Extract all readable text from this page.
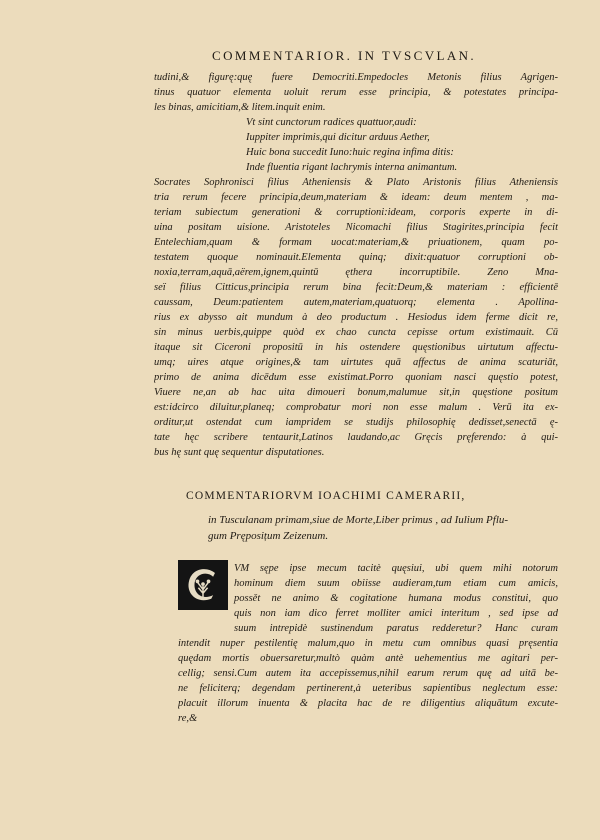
COMMENTARIOR. IN TVSCVLAN.
tudini,& figurę:quę fuere Democriti.Empedocles Metonis filius Agrigen-
tinus quatuor elementa uoluit rerum esse principia, & potestates principa-
les binas, amicitiam,& litem.inquit enim.
Vt sint cunctorum radices quattuor,audi:
Iuppiter imprimis,qui dicitur arduus Aether,
Huic bona succedit Iuno:huic regina infima ditis:
Inde fluentia rigant lachrymis interna animantum.
Socrates Sophronisci filius Atheniensis & Plato Aristonis filius Atheniensis
tria rerum fecere principia,deum,materiam & ideam: deum mentem , ma-
teriam subiectum generationi & corruptioni:ideam, corporis experte in di-
uina positam uisione. Aristoteles Nicomachi filius Stagirites,principia fecit
Entelechiam,quam & formam uocat:materiam,& priuationem, quam po-
testatem quoque nominauit.Elementa quinq; dixit:quatuor corruptioni ob-
noxia,terram,aquā,aërem,ignem,quintū ęthera incorruptibile. Zeno Mna-
seï filius Citticus,principia rerum bina fecit:Deum,& materiam : efficientē
caussam, Deum:patientem autem,materiam,quatuorq; elementa . Apollina-
rius ex abysso ait mundum à deo productum . Hesiodus idem ferme dicit re,
sin minus uerbis,quippe quòd ex chao cuncta cepisse ortum existimauit. Cū
itaque sit Ciceroni propositū in his ostendere quęstionibus uirtutum affectu-
umq; uires atque origines,& tam uirtutes quā affectus de anima scaturiāt,
primo de anima dicēdum esse existimat.Porro quoniam nasci quęstio potest,
Viuere ne,an ab hac uita dimoueri bonum,malumue sit,in quęstione positum
est:idcirco diluitur,planeq; comprobatur mori non esse malum . Verū ita ex-
orditur,ut ostendat cum iampridem se studijs philosophię dedisset,senectā ę-
tate hęc scribere tentaurit,Latinos laudando,ac Gręcis pręferendo: à qui-
bus hę sunt quę sequentur disputationes.
COMMENTARIORVM IOACHIMI CAMERARII,
in Tusculanam primam,siue de Morte,Liber primus , ad Iulium Pflu-
gum Pręposițum Zeizenum.
VM sępe ipse mecum tacitè quęsiui, ubi quem mihi notorum
hominum diem suum obiisse audieram,tum etiam cum amicis,
possět ne animo & cogitatione humana modus constitui, quo
quis non iam dico ferret molliter amici interitum , sed ipse ad
suum intrepidè sustinendum paratus redderetur? Hanc curam
intendit nuper pestilentię malum,quo in metu cum omnibus quasi pręsentia
quędam mortis obuersaretur,multò quàm antè uehementius me agitari per-
cellig; sensi.Cum autem ita accepissemus,nihil earum rerum quę ad uitā be-
ne feliciterq; degendam pertinerent,à ueteribus sapientibus neglectum esse:
placuit illorum inuenta & placita hac de re diligentius aliquātum excute-
re,&
